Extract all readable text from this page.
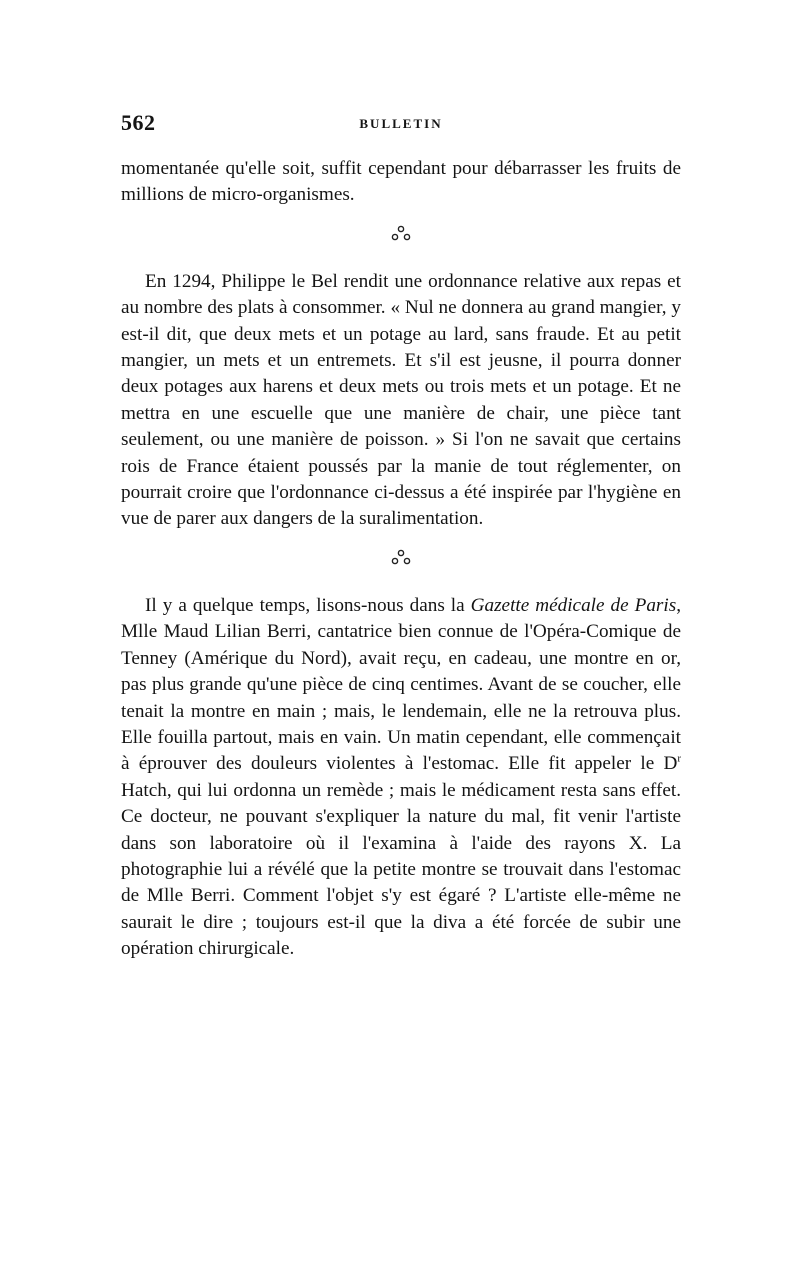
562	BULLETIN

momentanée qu'elle soit, suffit cependant pour débarrasser les fruits de millions de micro-organismes.

En 1294, Philippe le Bel rendit une ordonnance relative aux repas et au nombre des plats à consommer. « Nul ne donnera au grand mangier, y est-il dit, que deux mets et un potage au lard, sans fraude. Et au petit mangier, un mets et un entremets. Et s'il est jeusne, il pourra donner deux potages aux harens et deux mets ou trois mets et un potage. Et ne mettra en une escuelle que une manière de chair, une pièce tant seulement, ou une manière de poisson. » Si l'on ne savait que certains rois de France étaient poussés par la manie de tout réglementer, on pourrait croire que l'ordonnance ci-dessus a été inspirée par l'hygiène en vue de parer aux dangers de la suralimentation.

Il y a quelque temps, lisons-nous dans la Gazette médicale de Paris, Mlle Maud Lilian Berri, cantatrice bien connue de l'Opéra-Comique de Tenney (Amérique du Nord), avait reçu, en cadeau, une montre en or, pas plus grande qu'une pièce de cinq centimes. Avant de se coucher, elle tenait la montre en main ; mais, le lendemain, elle ne la retrouva plus. Elle fouilla partout, mais en vain. Un matin cependant, elle commençait à éprouver des douleurs violentes à l'estomac. Elle fit appeler le $D^r$ Hatch, qui lui ordonna un remède ; mais le médicament resta sans effet. Ce docteur, ne pouvant s'expliquer la nature du mal, fit venir l'artiste dans son laboratoire où il l'examina à l'aide des rayons X. La photographie lui a révélé que la petite montre se trouvait dans l'estomac de Mlle Berri. Comment l'objet s'y est égaré ? L'artiste elle-même ne saurait le dire ; toujours est-il que la diva a été forcée de subir une opération chirurgicale.
